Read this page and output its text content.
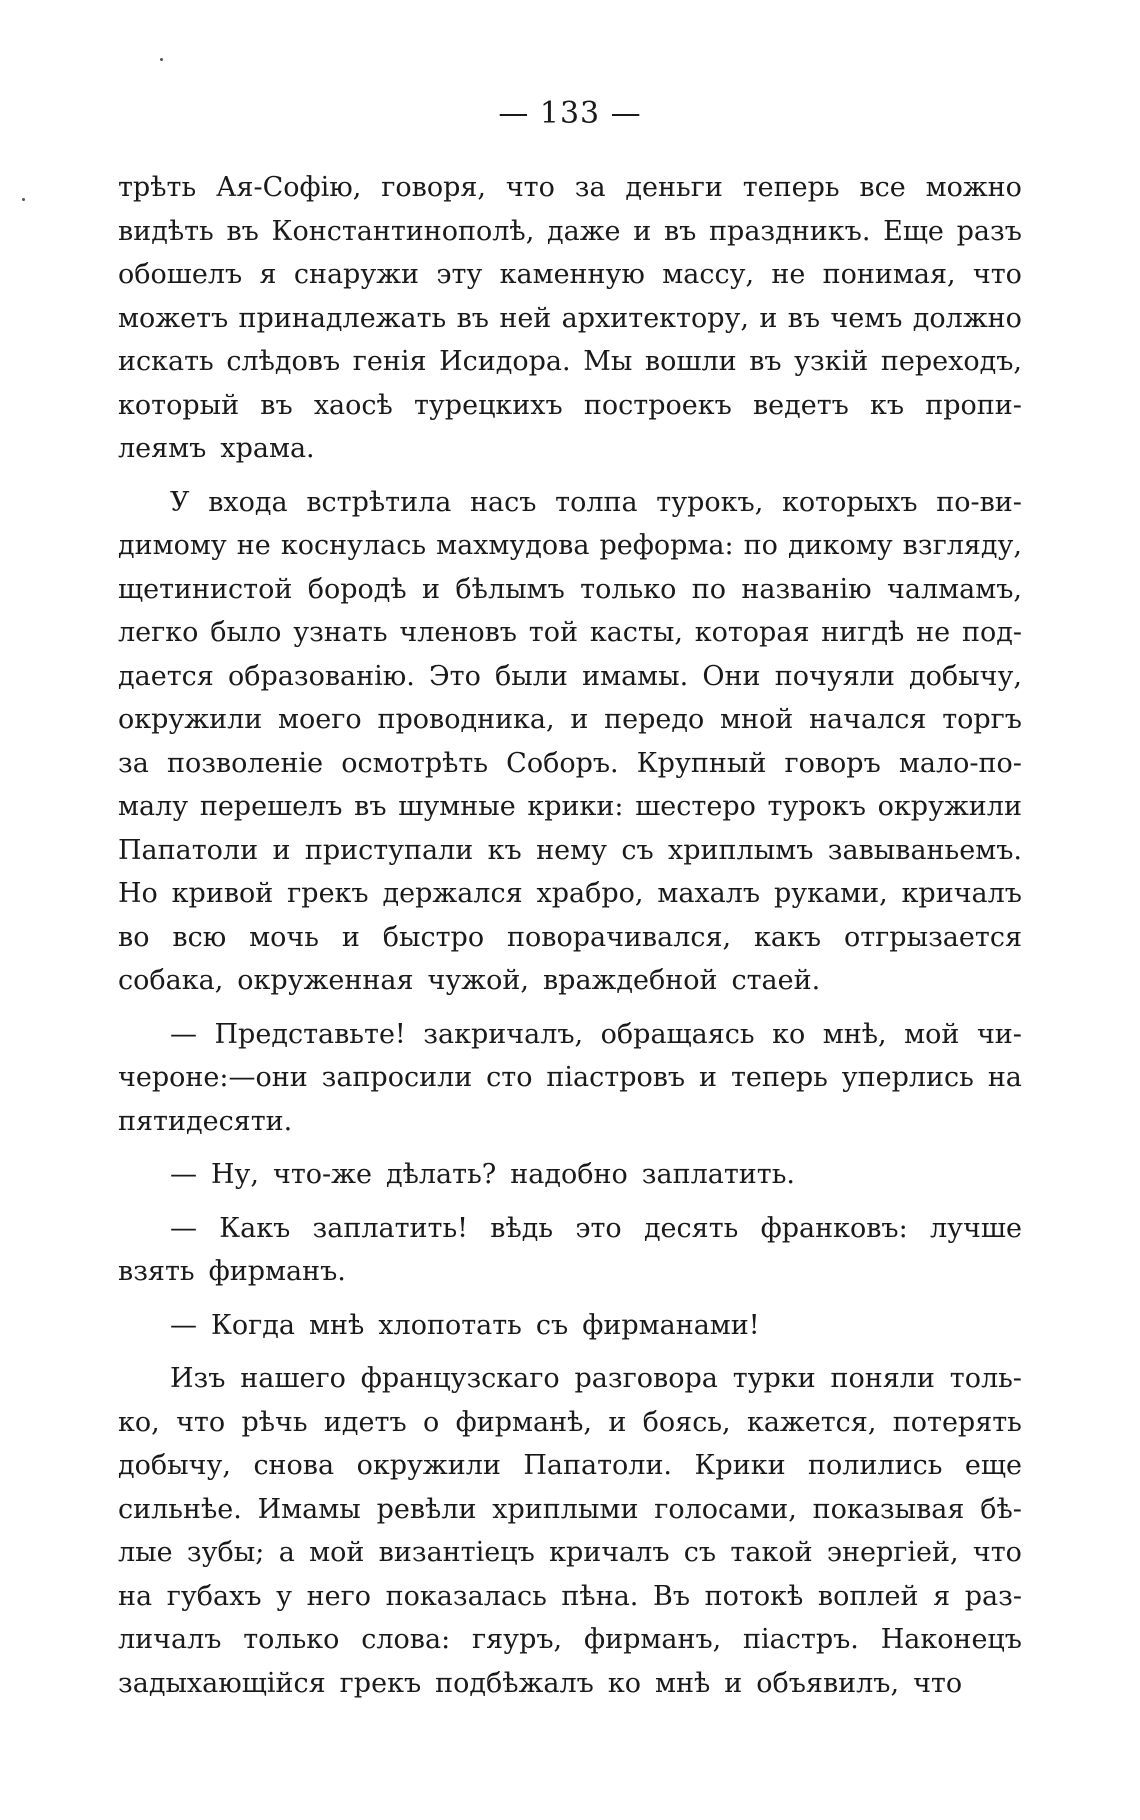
— 133 —
трѣть Ая-Софію, говоря, что за деньги теперь все можно
видѣть въ Константинополѣ, даже и въ праздникъ. Еще разъ
обошелъ я снаружи эту каменную массу, не понимая, что
можетъ принадлежать въ ней архитектору, и въ чемъ должно
искать слѣдовъ генія Исидора. Мы вошли въ узкій переходъ,
который въ хаосѣ турецкихъ построекъ ведетъ къ пропи-
леямъ храма.
У входа встрѣтила насъ толпа турокъ, которыхъ по-ви-
димому не коснулась махмудова реформа: по дикому взгляду,
щетинистой бородѣ и бѣлымъ только по названію чалмамъ,
легко было узнать членовъ той касты, которая нигдѣ не под-
дается образованію. Это были имамы. Они почуяли добычу,
окружили моего проводника, и передо мной начался торгъ
за позволеніе осмотрѣть Соборъ. Крупный говоръ мало-по-
малу перешелъ въ шумные крики: шестеро турокъ окружили
Папатоли и приступали къ нему съ хриплымъ завываньемъ.
Но кривой грекъ держался храбро, махалъ руками, кричалъ
во всю мочь и быстро поворачивался, какъ отгрызается
собака, окруженная чужой, враждебной стаей.
— Представьте! закричалъ, обращаясь ко мнѣ, мой чи-
чероне:—они запросили сто піастровъ и теперь уперлись на
пятидесяти.
— Ну, что-же дѣлать? надобно заплатить.
— Какъ заплатить! вѣдь это десять франковъ: лучше
взять фирманъ.
— Когда мнѣ хлопотать съ фирманами!
Изъ нашего французскаго разговора турки поняли толь-
ко, что рѣчь идетъ о фирманѣ, и боясь, кажется, потерять
добычу, снова окружили Папатоли. Крики полились еще
сильнѣе. Имамы ревѣли хриплыми голосами, показывая бѣ-
лые зубы; а мой византіецъ кричалъ съ такой энергіей, что
на губахъ у него показалась пѣна. Въ потокѣ воплей я раз-
личалъ только слова: гяуръ, фирманъ, піастръ. Наконецъ
задыхающійся грекъ подбѣжалъ ко мнѣ и объявилъ, что
